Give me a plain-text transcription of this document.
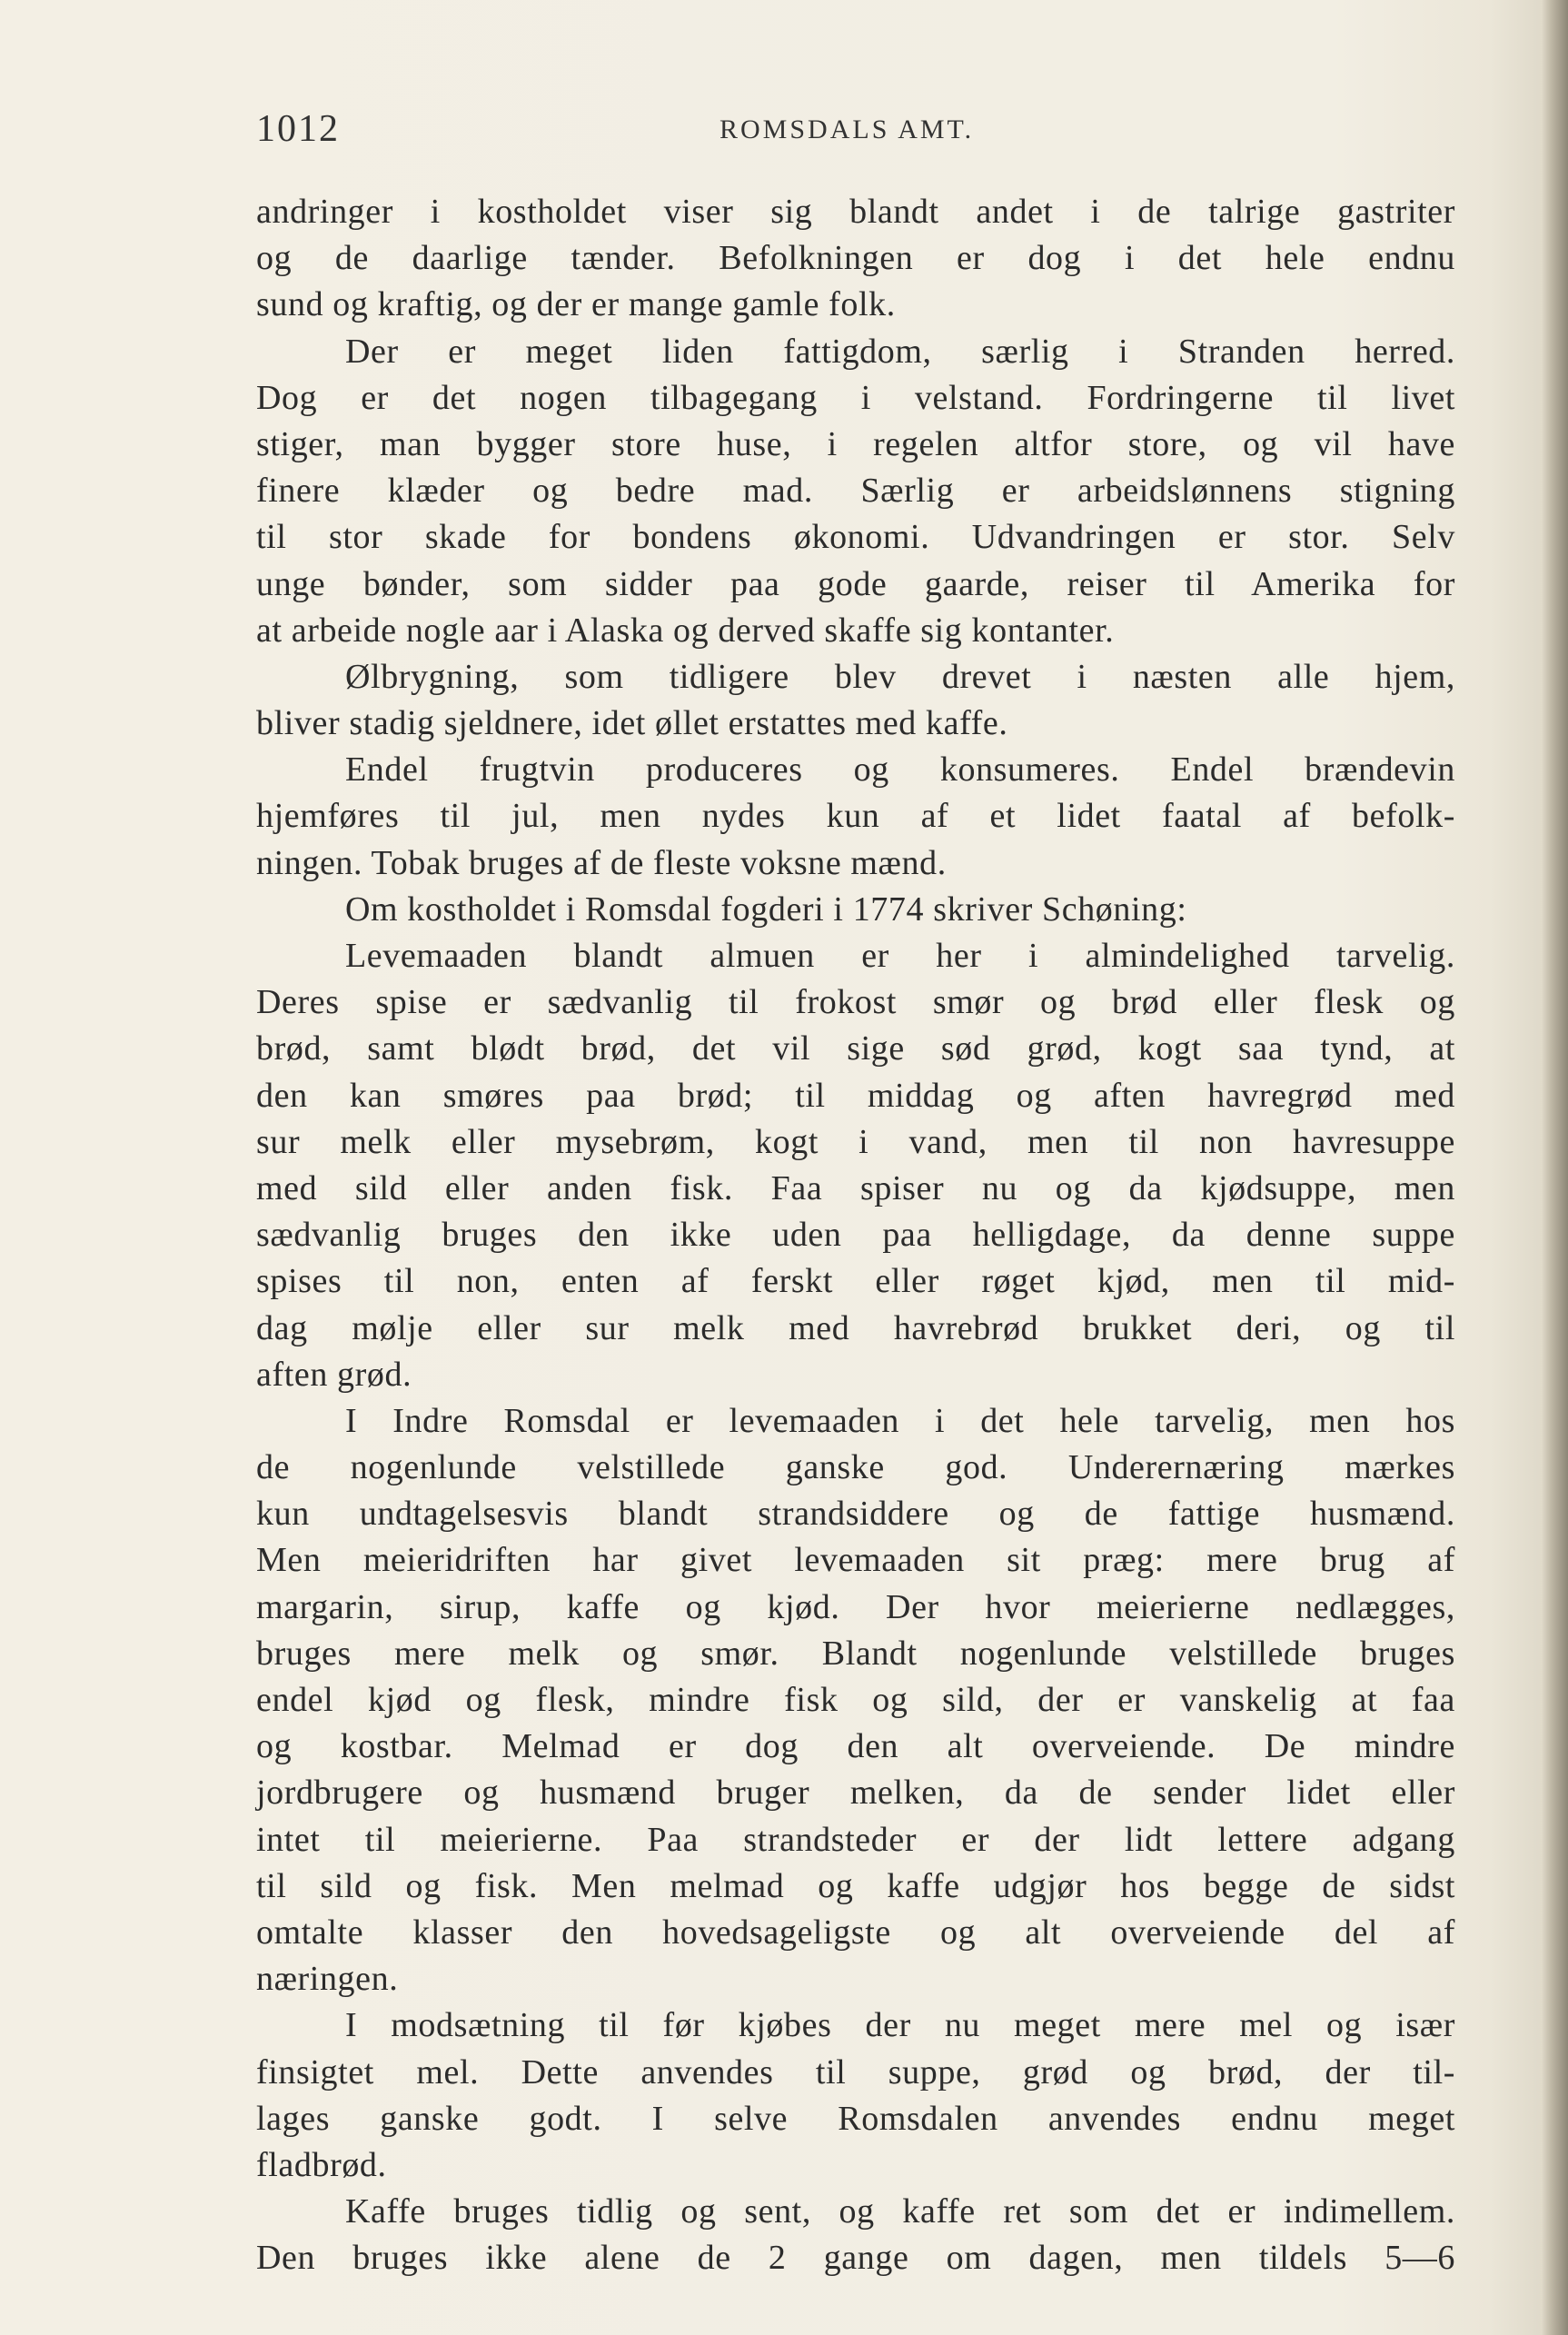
1012	ROMSDALS AMT.
andringer i kostholdet viser sig blandt andet i de talrige gastriter
og de daarlige tænder. Befolkningen er dog i det hele endnu
sund og kraftig, og der er mange gamle folk.
Der er meget liden fattigdom, særlig i Stranden herred.
Dog er det nogen tilbagegang i velstand. Fordringerne til livet
stiger, man bygger store huse, i regelen altfor store, og vil have
finere klæder og bedre mad. Særlig er arbeidslønnens stigning
til stor skade for bondens økonomi. Udvandringen er stor. Selv
unge bønder, som sidder paa gode gaarde, reiser til Amerika for
at arbeide nogle aar i Alaska og derved skaffe sig kontanter.
Ølbrygning, som tidligere blev drevet i næsten alle hjem,
bliver stadig sjeldnere, idet øllet erstattes med kaffe.
Endel frugtvin produceres og konsumeres. Endel brændevin
hjemføres til jul, men nydes kun af et lidet faatal af befolk-
ningen. Tobak bruges af de fleste voksne mænd.
Om kostholdet i Romsdal fogderi i 1774 skriver Schøning:
Levemaaden blandt almuen er her i almindelighed tarvelig.
Deres spise er sædvanlig til frokost smør og brød eller flesk og
brød, samt blødt brød, det vil sige sød grød, kogt saa tynd, at
den kan smøres paa brød; til middag og aften havregrød med
sur melk eller mysebrøm, kogt i vand, men til non havresuppe
med sild eller anden fisk. Faa spiser nu og da kjødsuppe, men
sædvanlig bruges den ikke uden paa helligdage, da denne suppe
spises til non, enten af ferskt eller røget kjød, men til mid-
dag mølje eller sur melk med havrebrød brukket deri, og til
aften grød.
I Indre Romsdal er levemaaden i det hele tarvelig, men hos
de nogenlunde velstillede ganske god. Underernæring mærkes
kun undtagelsesvis blandt strandsiddere og de fattige husmænd.
Men meieridriften har givet levemaaden sit præg: mere brug af
margarin, sirup, kaffe og kjød. Der hvor meierierne nedlægges,
bruges mere melk og smør. Blandt nogenlunde velstillede bruges
endel kjød og flesk, mindre fisk og sild, der er vanskelig at faa
og kostbar. Melmad er dog den alt overveiende. De mindre
jordbrugere og husmænd bruger melken, da de sender lidet eller
intet til meierierne. Paa strandsteder er der lidt lettere adgang
til sild og fisk. Men melmad og kaffe udgjør hos begge de sidst
omtalte klasser den hovedsageligste og alt overveiende del af
næringen.
I modsætning til før kjøbes der nu meget mere mel og især
finsigtet mel. Dette anvendes til suppe, grød og brød, der til-
lages ganske godt. I selve Romsdalen anvendes endnu meget
fladbrød.
Kaffe bruges tidlig og sent, og kaffe ret som det er indimellem.
Den bruges ikke alene de 2 gange om dagen, men tildels 5—6
